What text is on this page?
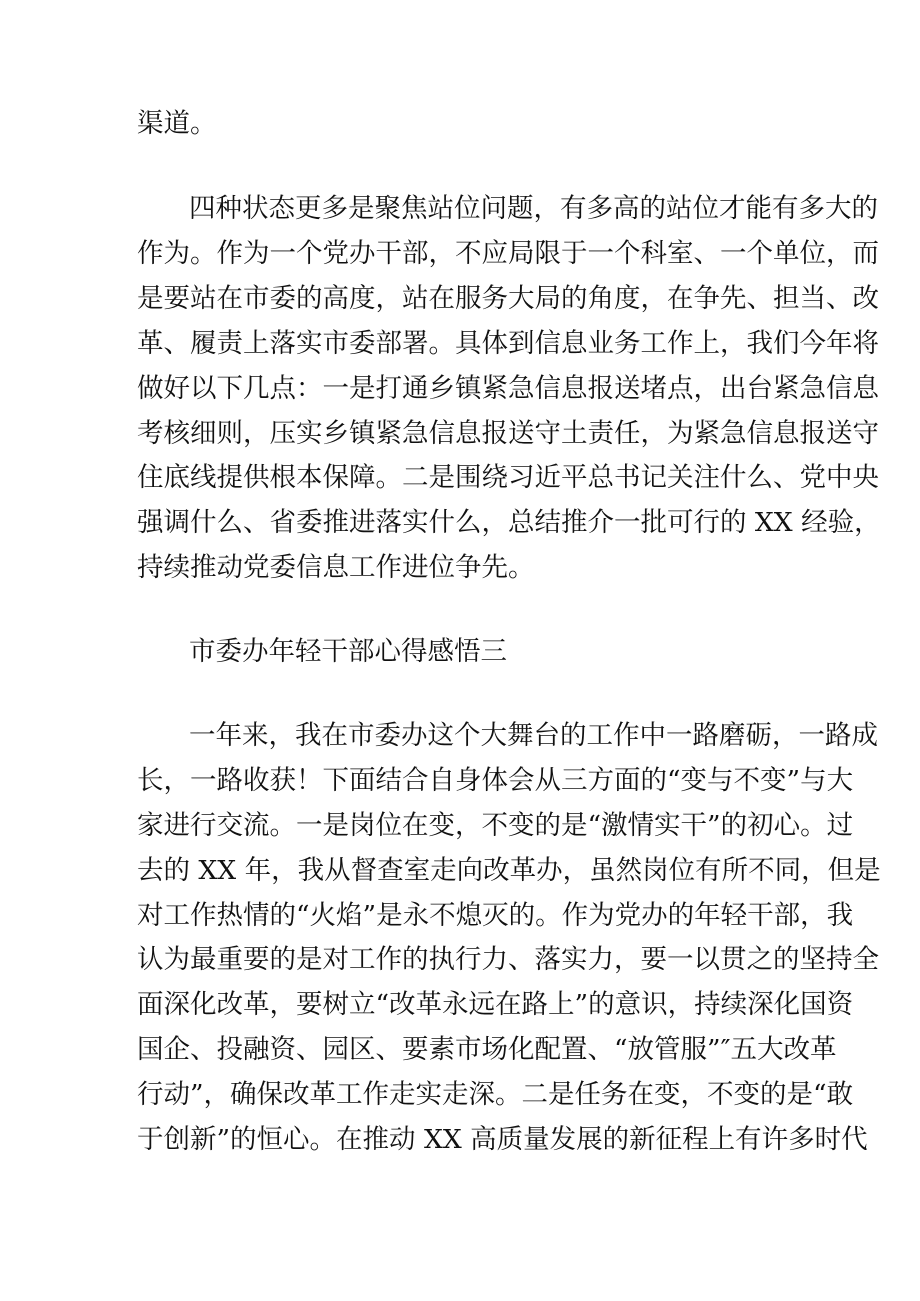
渠道。
四种状态更多是聚焦站位问题，有多高的站位才能有多大的
作为。作为一个党办干部，不应局限于一个科室、一个单位，而
是要站在市委的高度，站在服务大局的角度，在争先、担当、改
革、履责上落实市委部署。具体到信息业务工作上，我们今年将
做好以下几点：一是打通乡镇紧急信息报送堵点，出台紧急信息
考核细则，压实乡镇紧急信息报送守土责任，为紧急信息报送守
住底线提供根本保障。二是围绕习近平总书记关注什么、党中央
强调什么、省委推进落实什么，总结推介一批可行的 XX 经验，
持续推动党委信息工作进位争先。
市委办年轻干部心得感悟三
一年来，我在市委办这个大舞台的工作中一路磨砺，一路成
长，一路收获！下面结合自身体会从三方面的“变与不变”与大
家进行交流。一是岗位在变，不变的是“激情实干”的初心。过
去的 XX 年，我从督查室走向改革办，虽然岗位有所不同，但是
对工作热情的“火焰”是永不熄灭的。作为党办的年轻干部，我
认为最重要的是对工作的执行力、落实力，要一以贯之的坚持全
面深化改革，要树立“改革永远在路上”的意识，持续深化国资
国企、投融资、园区、要素市场化配置、“放管服”″五大改革
行动”，确保改革工作走实走深。二是任务在变，不变的是“敢
于创新”的恒心。在推动 XX 高质量发展的新征程上有许多时代
